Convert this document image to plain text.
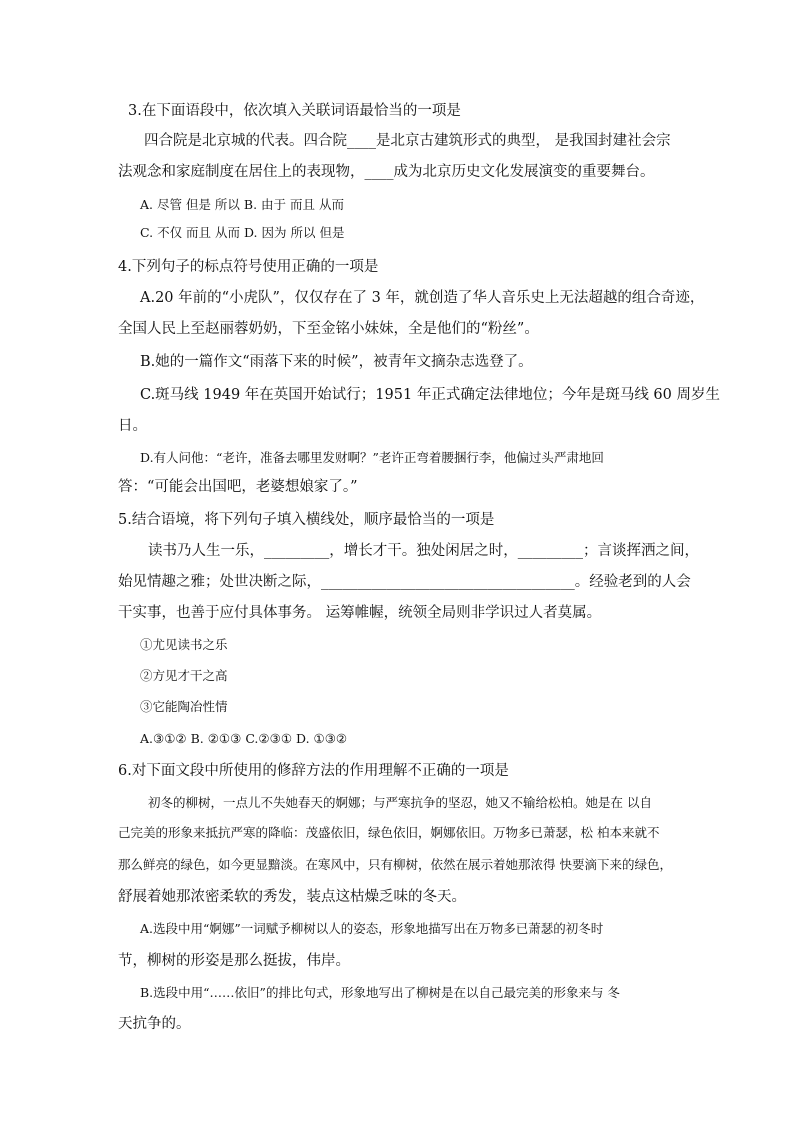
3.在下面语段中，依次填入关联词语最恰当的一项是
四合院是北京城的代表。四合院____是北京古建筑形式的典型， 是我国封建社会宗
法观念和家庭制度在居住上的表现物，____成为北京历史文化发展演变的重要舞台。
A. 尽管 但是 所以 B. 由于 而且 从而
C. 不仅 而且 从而 D. 因为 所以 但是
4.下列句子的标点符号使用正确的一项是
A.20 年前的“小虎队”，仅仅存在了 3 年，就创造了华人音乐史上无法超越的组合奇迹，
全国人民上至赵丽蓉奶奶，下至金铭小妹妹，全是他们的“粉丝”。
B.她的一篇作文“雨落下来的时候”，被青年文摘杂志选登了。
C.斑马线 1949 年在英国开始试行；1951 年正式确定法律地位；今年是斑马线 60 周岁生
日。
D.有人问他：“老许，准备去哪里发财啊？”老许正弯着腰捆行李，他偏过头严肃地回
答：“可能会出国吧，老婆想娘家了。”
5.结合语境，将下列句子填入横线处，顺序最恰当的一项是
读书乃人生一乐，_________，增长才干。独处闲居之时，_________；言谈挥洒之间，
始见情趣之雅；处世决断之际，___________________________________。经验老到的人会
干实事，也善于应付具体事务。 运筹帷幄，统领全局则非学识过人者莫属。
①尤见读书之乐
②方见才干之高
③它能陶冶性情
A.③①② B. ②①③ C.②③① D. ①③②
6.对下面文段中所使用的修辞方法的作用理解不正确的一项是
初冬的柳树，一点儿不失她春天的婀娜；与严寒抗争的坚忍，她又不输给松柏。她是在 以自
己完美的形象来抵抗严寒的降临：茂盛依旧，绿色依旧，婀娜依旧。万物多已萧瑟，松 柏本来就不
那么鲜亮的绿色，如今更显黯淡。在寒风中，只有柳树，依然在展示着她那浓得 快要滴下来的绿色，
舒展着她那浓密柔软的秀发，装点这枯燥乏味的冬天。
A.选段中用“婀娜”一词赋予柳树以人的姿态，形象地描写出在万物多已萧瑟的初冬时
节，柳树的形姿是那么挺拔，伟岸。
B.选段中用“……依旧”的排比句式，形象地写出了柳树是在以自己最完美的形象来与 冬
天抗争的。
